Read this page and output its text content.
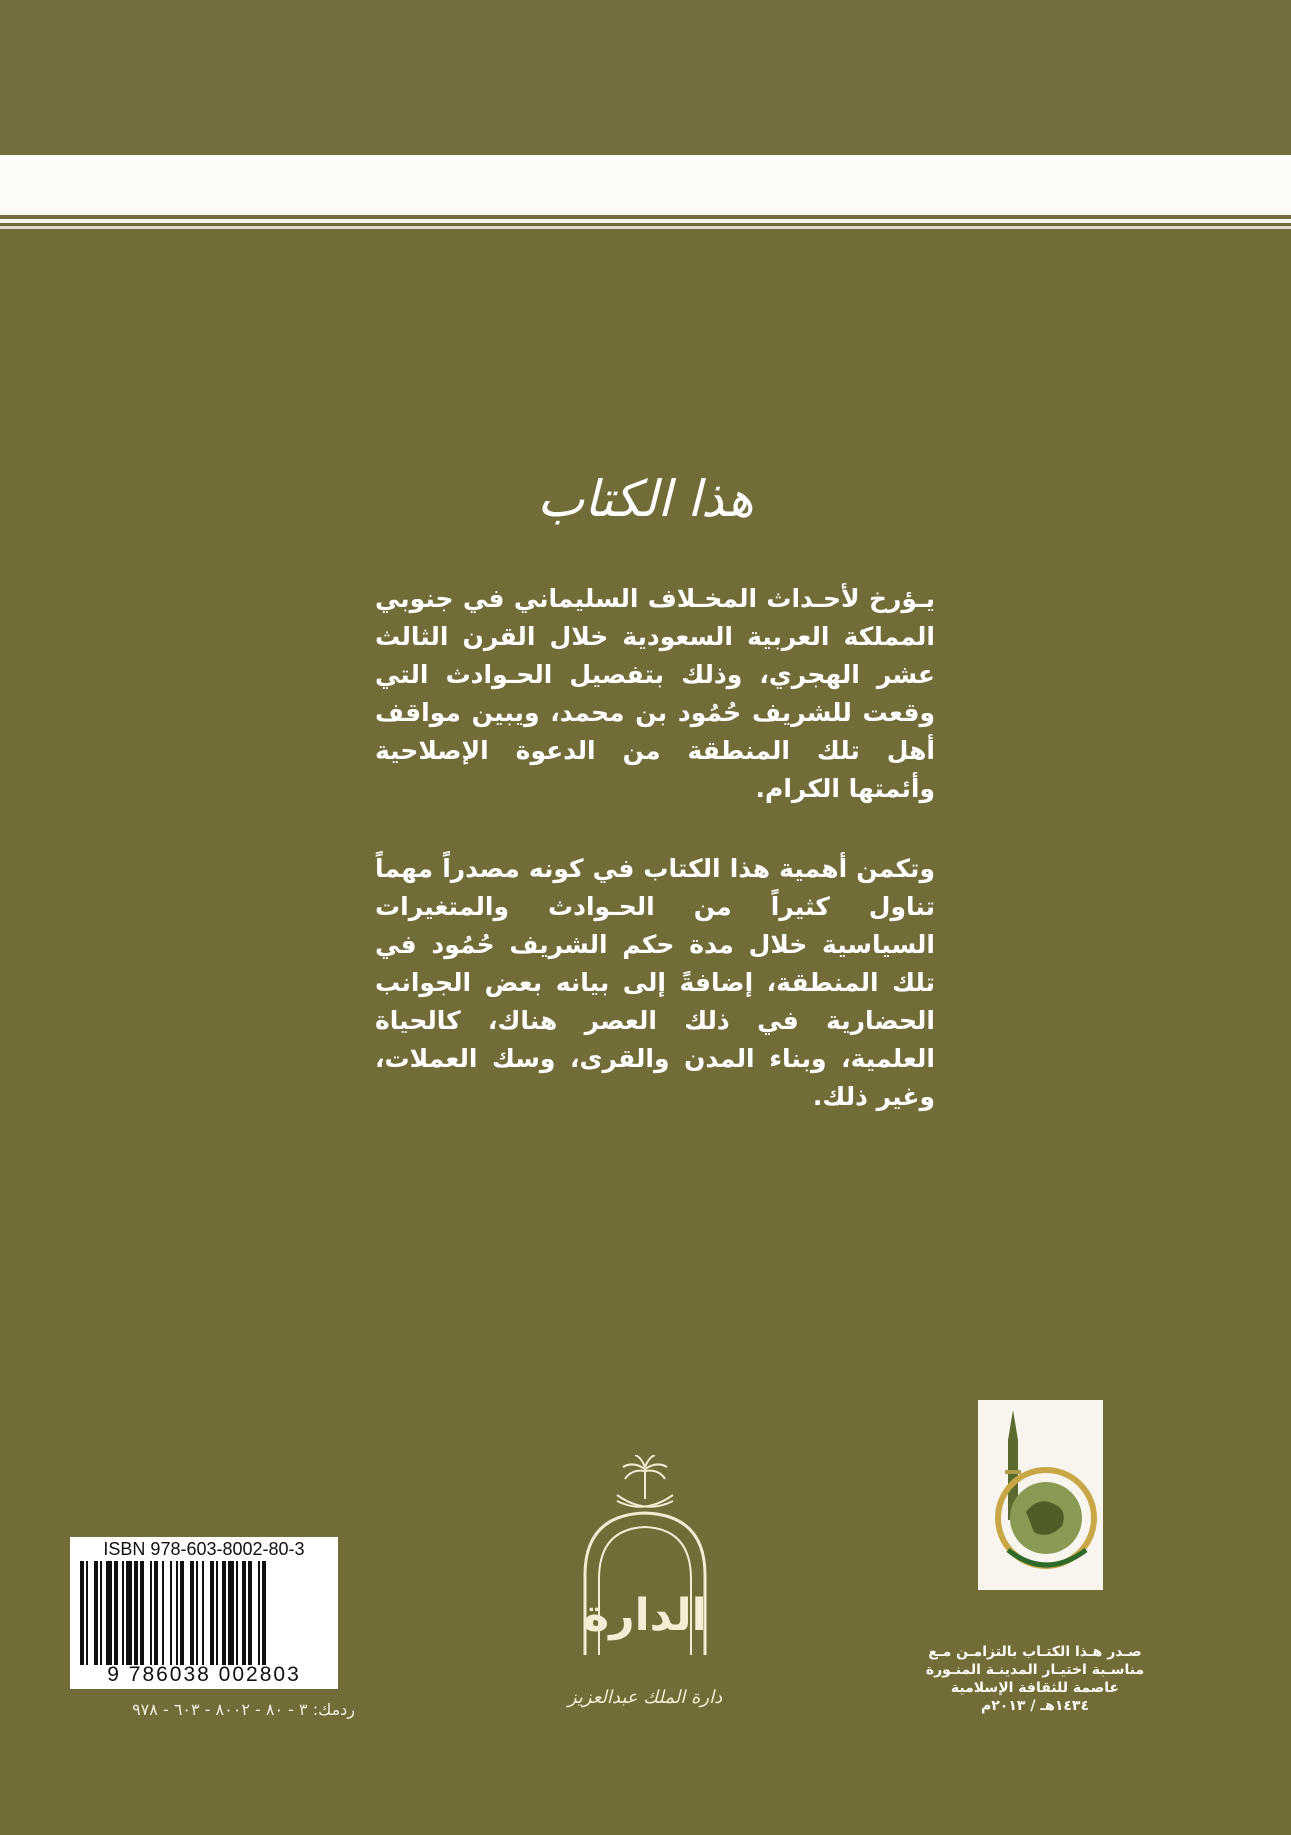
هذا الكتاب

يـؤرخ لأحـداث المخـلاف السليماني في جنوبي المملكة العربية السعودية خلال القرن الثالث عشر الهجري، وذلك بتفصيل الحـوادث التي وقعت للشريف حُمُود بن محمد، ويبين مواقف أهل تلك المنطقة من الدعوة الإصلاحية وأئمتها الكرام.

وتكمن أهمية هذا الكتاب في كونه مصدراً مهماً تناول كثيراً من الحـوادث والمتغيرات السياسية خلال مدة حكم الشريف حُمُود في تلك المنطقة، إضافةً إلى بيانه بعض الجوانب الحضارية في ذلك العصر هناك، كالحياة العلمية، وبناء المدن والقرى، وسك العملات، وغير ذلك.

الدارة
دارة الملك عبدالعزيز
ISBN 978-603-8002-80-3
9 786038 002803
ردمك: ٣ - ٨٠ - ٨٠٠٢ - ٦٠٣ - ٩٧٨
صـدر هـذا الكتـاب بالتزامـن مـع
مناسـبة اختيـار المدينـة المنـورة
عاصمة للثقافة الإسلامية
١٤٣٤هـ / ٢٠١٣م
